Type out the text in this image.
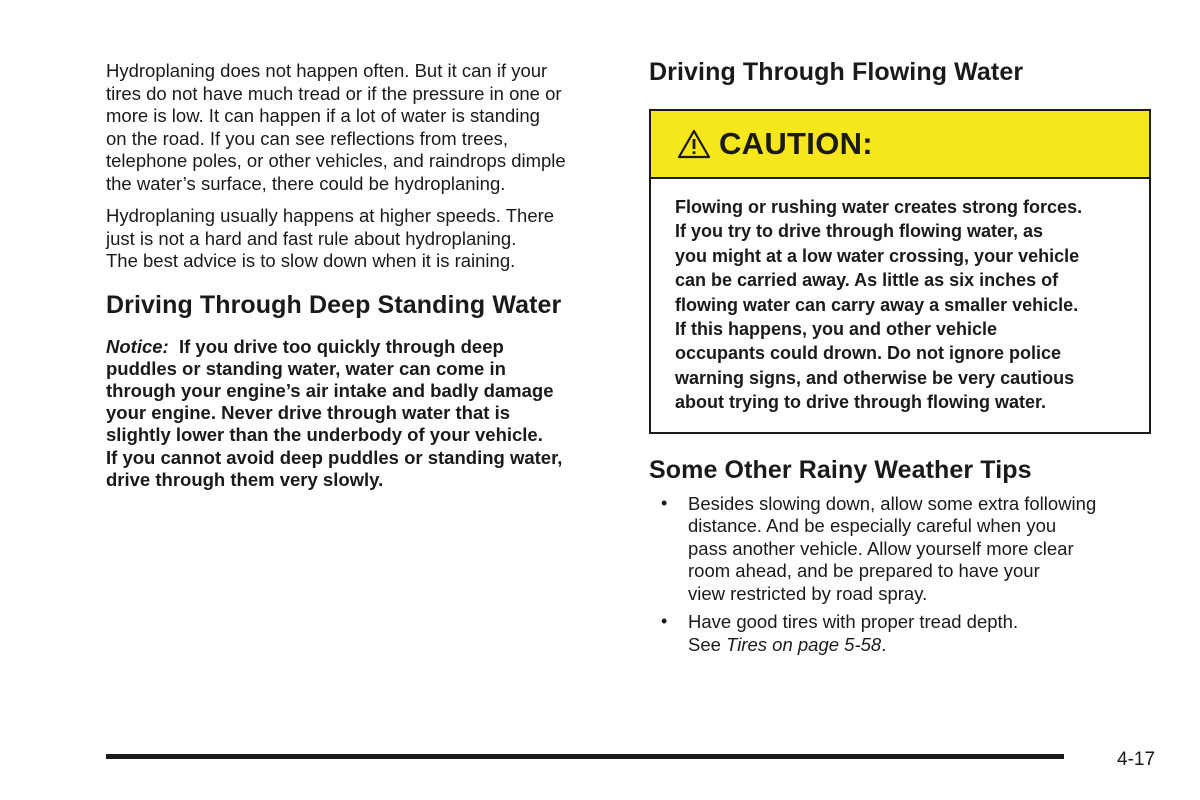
Hydroplaning does not happen often. But it can if your
tires do not have much tread or if the pressure in one or
more is low. It can happen if a lot of water is standing
on the road. If you can see reflections from trees,
telephone poles, or other vehicles, and raindrops dimple
the water’s surface, there could be hydroplaning.

Hydroplaning usually happens at higher speeds. There
just is not a hard and fast rule about hydroplaning.
The best advice is to slow down when it is raining.

Driving Through Deep Standing Water
Notice: If you drive too quickly through deep
puddles or standing water, water can come in
through your engine’s air intake and badly damage
your engine. Never drive through water that is
slightly lower than the underbody of your vehicle.
If you cannot avoid deep puddles or standing water,
drive through them very slowly.
Driving Through Flowing Water
CAUTION:
Flowing or rushing water creates strong forces.
If you try to drive through flowing water, as
you might at a low water crossing, your vehicle
can be carried away. As little as six inches of
flowing water can carry away a smaller vehicle.
If this happens, you and other vehicle
occupants could drown. Do not ignore police
warning signs, and otherwise be very cautious
about trying to drive through flowing water.
Some Other Rainy Weather Tips
• Besides slowing down, allow some extra following
distance. And be especially careful when you
pass another vehicle. Allow yourself more clear
room ahead, and be prepared to have your
view restricted by road spray.
• Have good tires with proper tread depth.
See Tires on page 5-58.
4-17
